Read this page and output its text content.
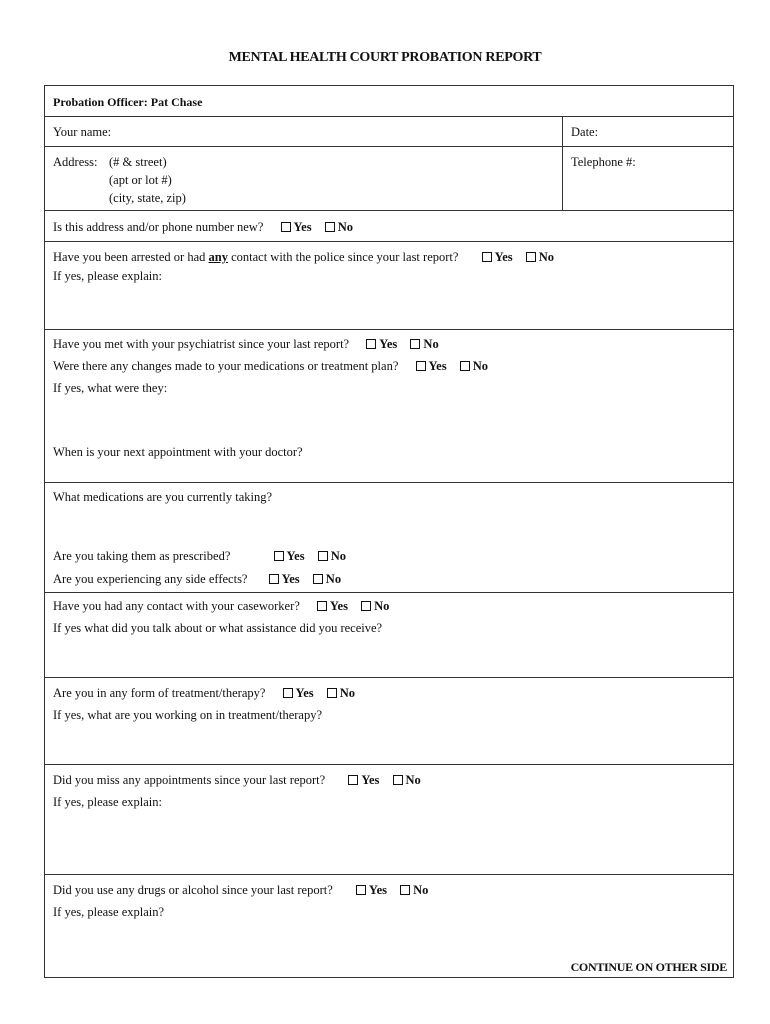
MENTAL HEALTH COURT PROBATION REPORT
Probation Officer: Pat Chase
Your name:	Date:
Address: (# & street)
(apt or lot #)
(city, state, zip)
Telephone #:
Is this address and/or phone number new? Yes No
Have you been arrested or had any contact with the police since your last report?	Yes No
If yes, please explain:
Have you met with your psychiatrist since your last report? Yes No
Were there any changes made to your medications or treatment plan? Yes No
If yes, what were they:
When is your next appointment with your doctor?
What medications are you currently taking?
Are you taking them as prescribed?	Yes No
Are you experiencing any side effects?	Yes No
Have you had any contact with your caseworker? Yes No
If yes what did you talk about or what assistance did you receive?
Are you in any form of treatment/therapy? Yes No
If yes, what are you working on in treatment/therapy?
Did you miss any appointments since your last report?	Yes No
If yes, please explain:
Did you use any drugs or alcohol since your last report?	Yes No
If yes, please explain?
CONTINUE ON OTHER SIDE
